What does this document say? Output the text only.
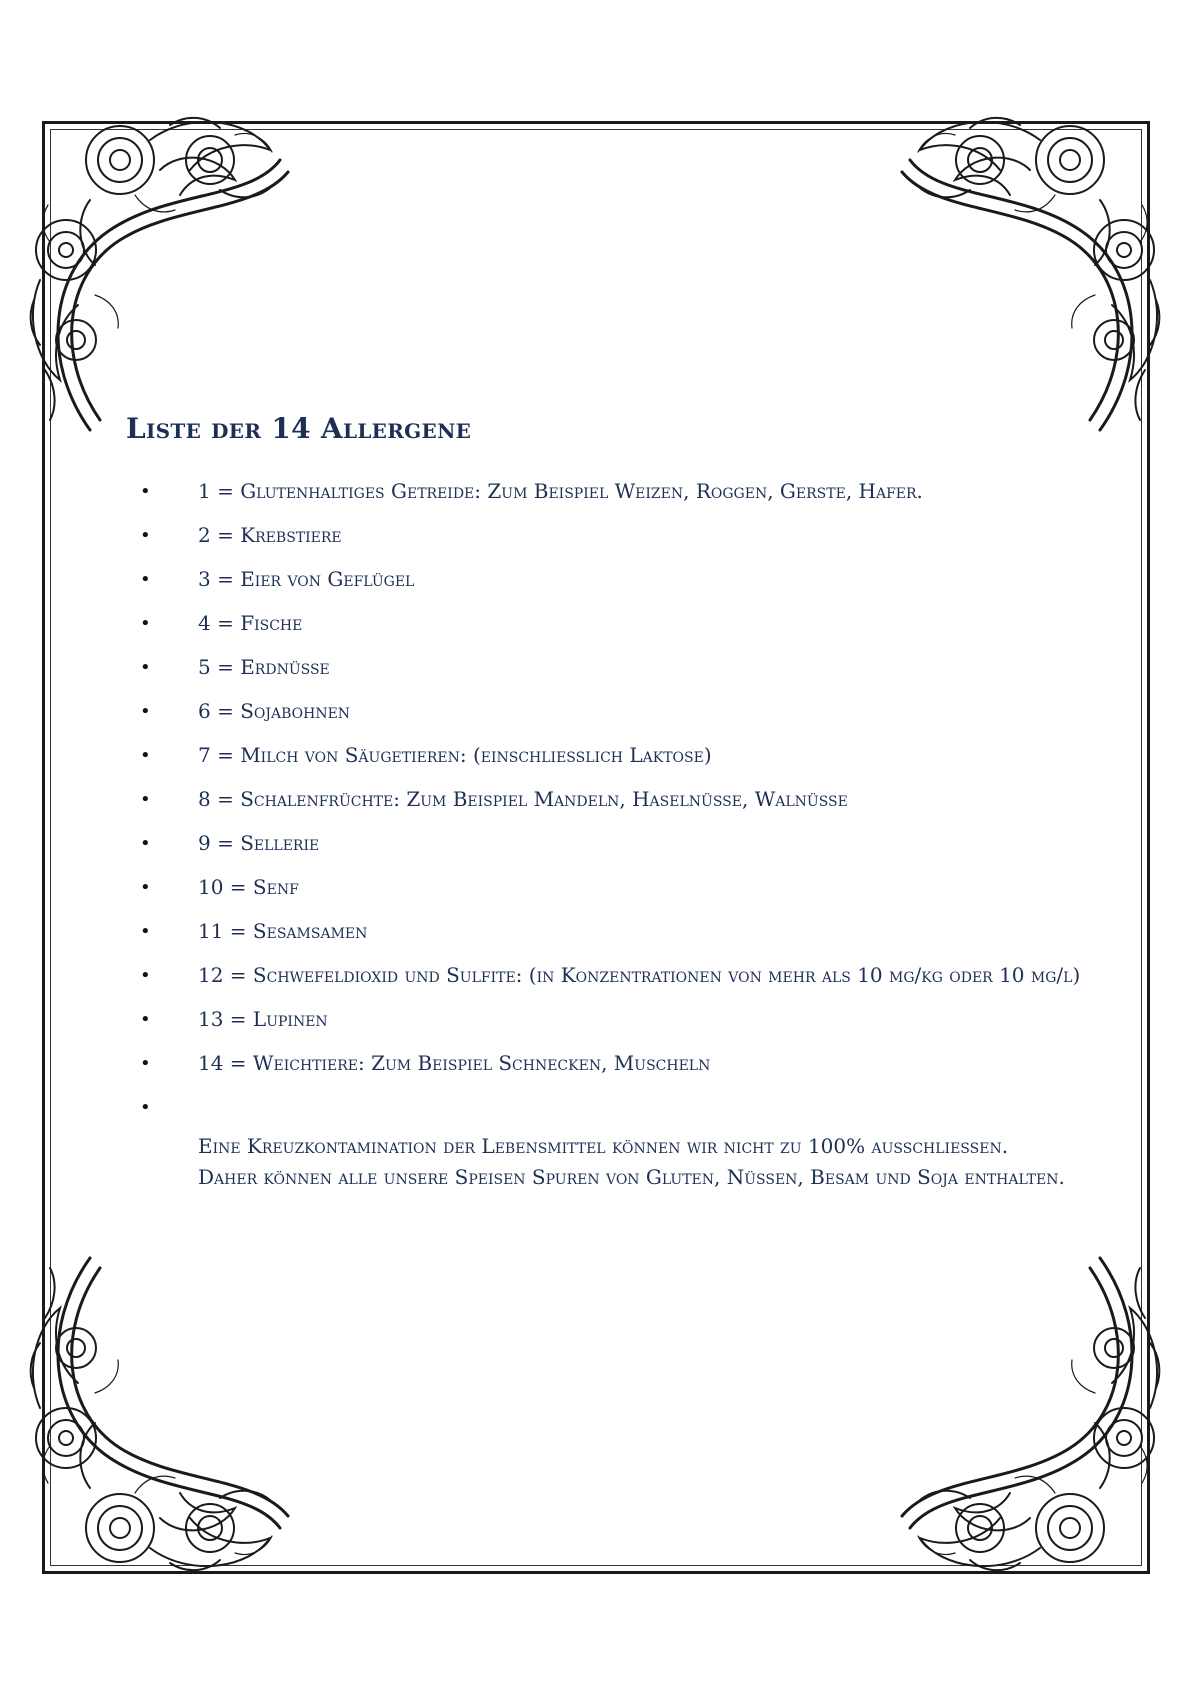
Liste der 14 Allergene
•	1 = Glutenhaltiges Getreide: Zum Beispiel Weizen, Roggen, Gerste, Hafer.
•	2 = Krebstiere
•	3 = Eier von Geflügel
•	4 = Fische
•	5 = Erdnüsse
•	6 = Sojabohnen
•	7 = Milch von Säugetieren: (einschliesslich Laktose)
•	8 = Schalenfrüchte: Zum Beispiel Mandeln, Haselnüsse, Walnüsse
•	9 = Sellerie
•	10 = Senf
•	11 = Sesamsamen
•	12 = Schwefeldioxid und Sulfite: (in Konzentrationen von mehr als 10 mg/kg oder 10 mg/l)
•	13 = Lupinen
•	14 = Weichtiere: Zum Beispiel Schnecken, Muscheln
•

Eine Kreuzkontamination der Lebensmittel können wir nicht zu 100% ausschliessen.
Daher können alle unsere Speisen Spuren von Gluten, Nüssen, Besam und Soja enthalten.
